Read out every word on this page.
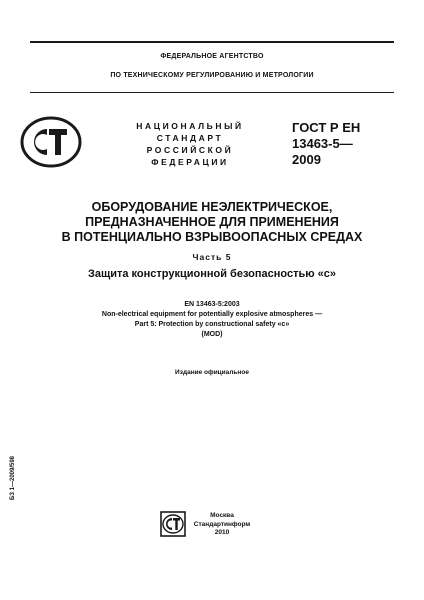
ФЕДЕРАЛЬНОЕ АГЕНТСТВО
ПО ТЕХНИЧЕСКОМУ РЕГУЛИРОВАНИЮ И МЕТРОЛОГИИ
НАЦИОНАЛЬНЫЙ
СТАНДАРТ
РОССИЙСКОЙ
ФЕДЕРАЦИИ
ГОСТ Р ЕН
13463-5—
2009
ОБОРУДОВАНИЕ НЕЭЛЕКТРИЧЕСКОЕ,
ПРЕДНАЗНАЧЕННОЕ ДЛЯ ПРИМЕНЕНИЯ
В ПОТЕНЦИАЛЬНО ВЗРЫВООПАСНЫХ СРЕДАХ
Часть 5
Защита конструкционной безопасностью «c»
EN 13463-5:2003
Non-electrical equipment for potentially explosive atmospheres —
Part 5: Protection by constructional safety «c»
(MOD)
Издание официальное
БЗ 1—2009/598
Москва
Стандартинформ
2010
